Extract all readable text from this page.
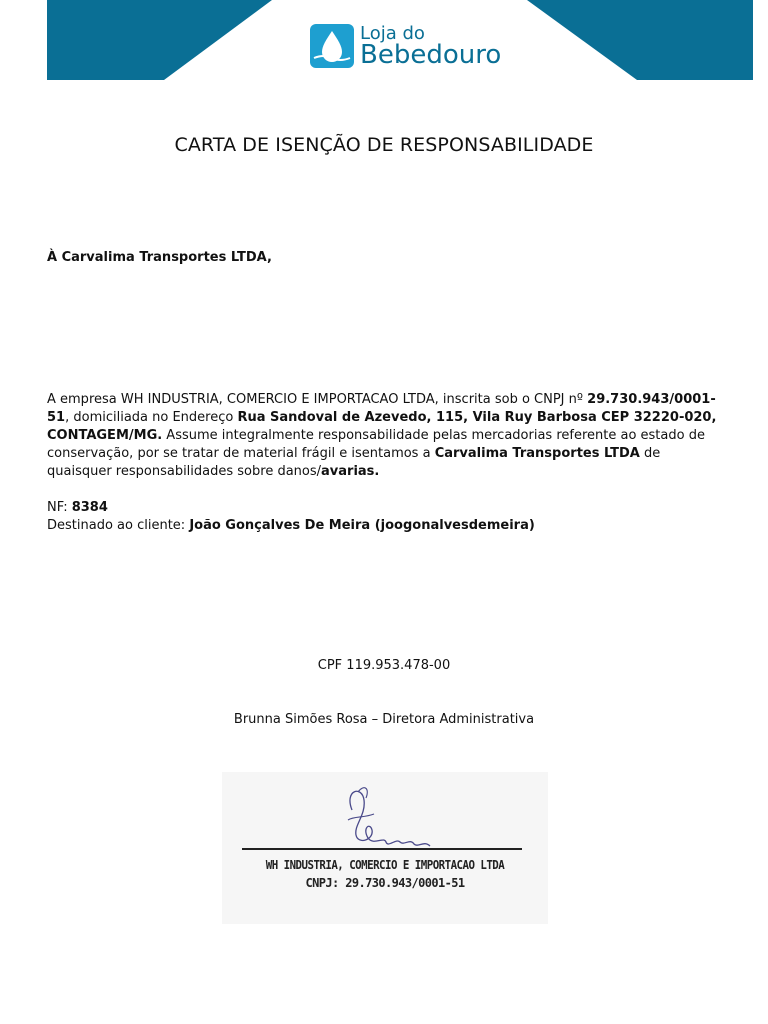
Loja do
Bebedouro
CARTA DE ISENÇÃO DE RESPONSABILIDADE
À Carvalima Transportes LTDA,
A empresa WH INDUSTRIA, COMERCIO E IMPORTACAO LTDA, inscrita sob o CNPJ nº 29.730.943/0001-51, domiciliada no Endereço Rua Sandoval de Azevedo, 115, Vila Ruy Barbosa CEP 32220-020, CONTAGEM/MG. Assume integralmente responsabilidade pelas mercadorias referente ao estado de conservação, por se tratar de material frágil e isentamos a Carvalima Transportes LTDA de quaisquer responsabilidades sobre danos/avarias.
NF: 8384
Destinado ao cliente: João Gonçalves De Meira (joogonalvesdemeira)
CPF 119.953.478-00
Brunna Simões Rosa – Diretora Administrativa
WH INDUSTRIA, COMERCIO E IMPORTACAO LTDA
CNPJ: 29.730.943/0001-51
